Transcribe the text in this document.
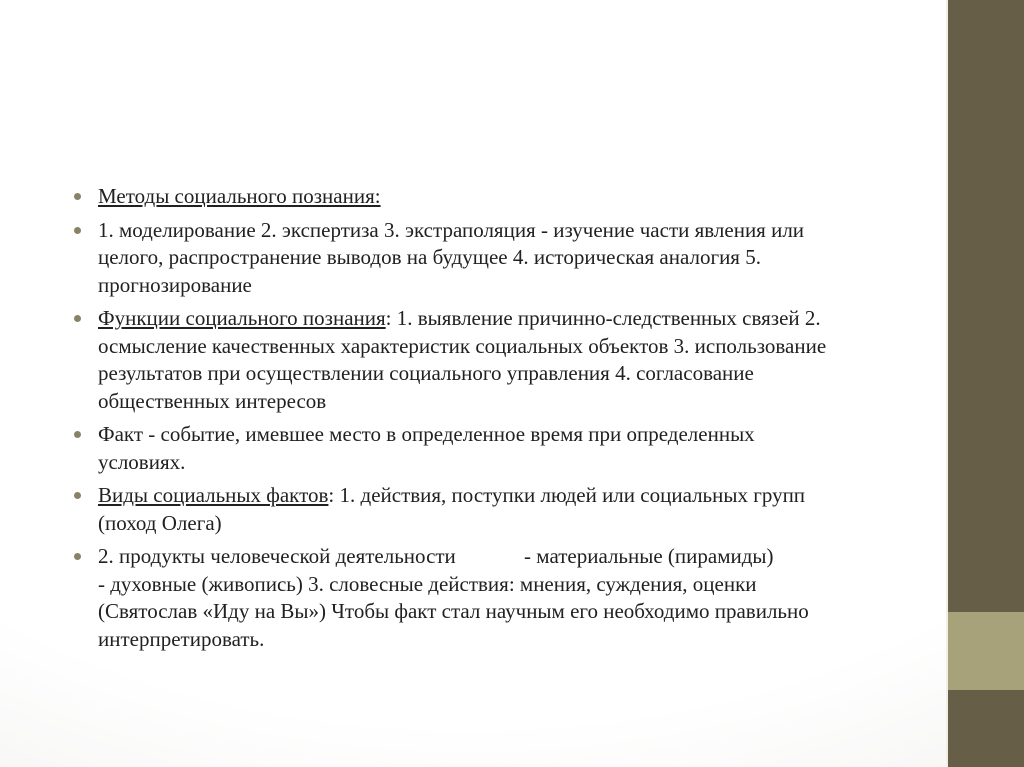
Методы социального познания:
1. моделирование 2. экспертиза 3. экстраполяция - изучение части явления или
целого, распространение выводов на будущее 4. историческая аналогия 5.
прогнозирование
Функции социального познания: 1. выявление причинно-следственных связей 2.
осмысление качественных характеристик социальных объектов 3. использование
результатов при осуществлении социального управления 4. согласование
общественных интересов
Факт - событие, имевшее место в определенное время при определенных
условиях.
Виды социальных фактов: 1. действия, поступки людей или социальных групп
(поход Олега)
2. продукты человеческой деятельности             - материальные (пирамиды)
- духовные (живопись) 3. словесные действия: мнения, суждения, оценки
(Святослав «Иду на Вы») Чтобы факт стал научным его необходимо правильно
интерпретировать.
